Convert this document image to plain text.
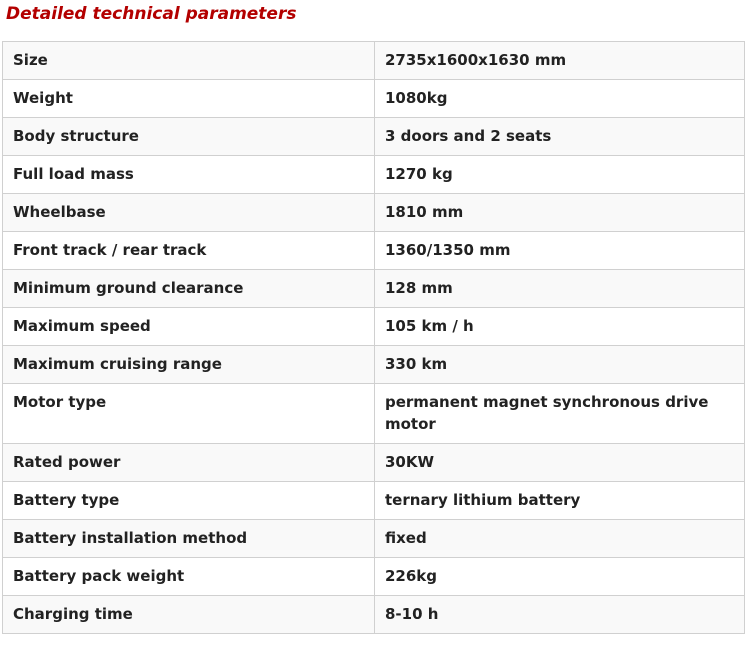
Detailed technical parameters
Size	2735x1600x1630 mm
Weight	1080kg
Body structure	3 doors and 2 seats
Full load mass	1270 kg
Wheelbase	1810 mm
Front track / rear track	1360/1350 mm
Minimum ground clearance	128 mm
Maximum speed	105 km / h
Maximum cruising range	330 km
Motor type	permanent magnet synchronous drive motor
Rated power	30KW
Battery type	ternary lithium battery
Battery installation method	fixed
Battery pack weight	226kg
Charging time	8-10 h
